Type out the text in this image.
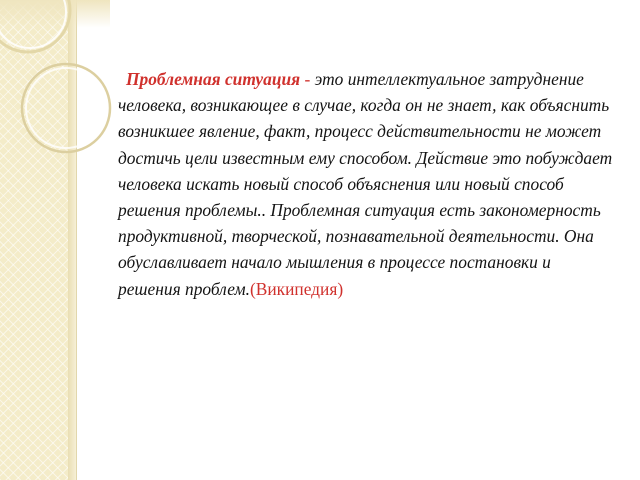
Проблемная ситуация - это интеллектуальное затруднение человека, возникающее в случае, когда он не знает, как объяснить возникшее явление, факт, процесс действительности не может достичь цели известным ему способом. Действие это побуждает человека искать новый способ объяснения или новый способ решения проблемы.. Проблемная ситуация есть закономерность продуктивной, творческой, познавательной деятельности. Она обуславливает начало мышления в процессе постановки и решения проблем.(Википедия)
